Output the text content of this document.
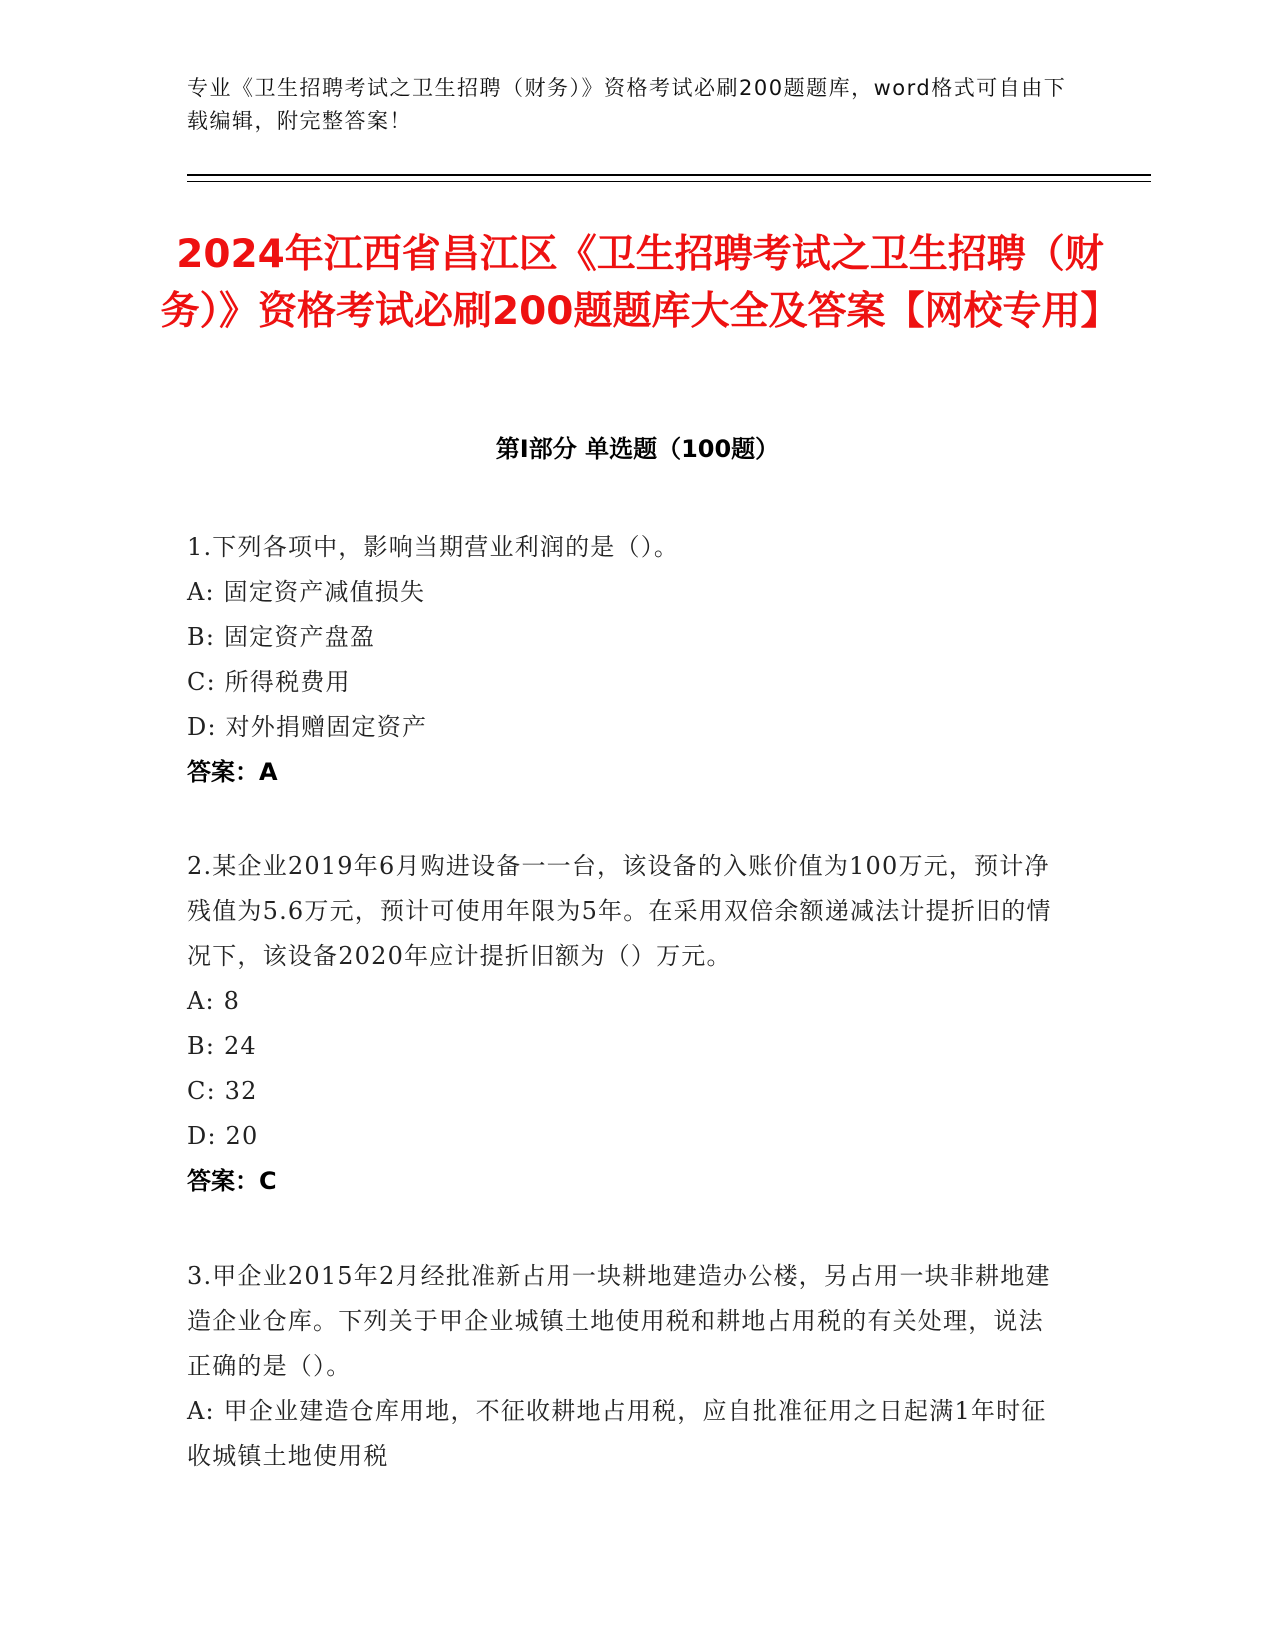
专业《卫生招聘考试之卫生招聘（财务）》资格考试必刷200题题库，word格式可自由下载编辑，附完整答案！
2024年江西省昌江区《卫生招聘考试之卫生招聘（财务）》资格考试必刷200题题库大全及答案【网校专用】
第I部分 单选题（100题）
1.下列各项中，影响当期营业利润的是（）。
A: 固定资产减值损失
B: 固定资产盘盈
C: 所得税费用
D: 对外捐赠固定资产
答案：A
2.某企业2019年6月购进设备一一台，该设备的入账价值为100万元，预计净残值为5.6万元，预计可使用年限为5年。在采用双倍余额递减法计提折旧的情况下，该设备2020年应计提折旧额为（）万元。
A: 8
B: 24
C: 32
D: 20
答案：C
3.甲企业2015年2月经批准新占用一块耕地建造办公楼，另占用一块非耕地建造企业仓库。下列关于甲企业城镇土地使用税和耕地占用税的有关处理，说法正确的是（）。
A: 甲企业建造仓库用地，不征收耕地占用税，应自批准征用之日起满1年时征收城镇土地使用税
